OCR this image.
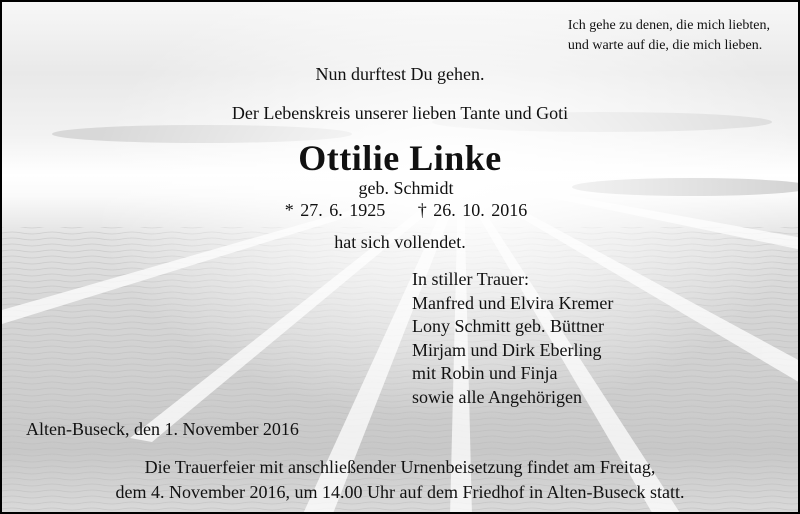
Ich gehe zu denen, die mich liebten,
und warte auf die, die mich lieben.

Nun durftest Du gehen.

Der Lebenskreis unserer lieben Tante und Goti

Ottilie Linke

geb. Schmidt

* 27. 6. 1925 † 26. 10. 2016

hat sich vollendet.

In stiller Trauer:
Manfred und Elvira Kremer
Lony Schmitt geb. Büttner
Mirjam und Dirk Eberling
mit Robin und Finja
sowie alle Angehörigen

Alten-Buseck, den 1. November 2016

Die Trauerfeier mit anschließender Urnenbeisetzung findet am Freitag,
dem 4. November 2016, um 14.00 Uhr auf dem Friedhof in Alten-Buseck statt.
